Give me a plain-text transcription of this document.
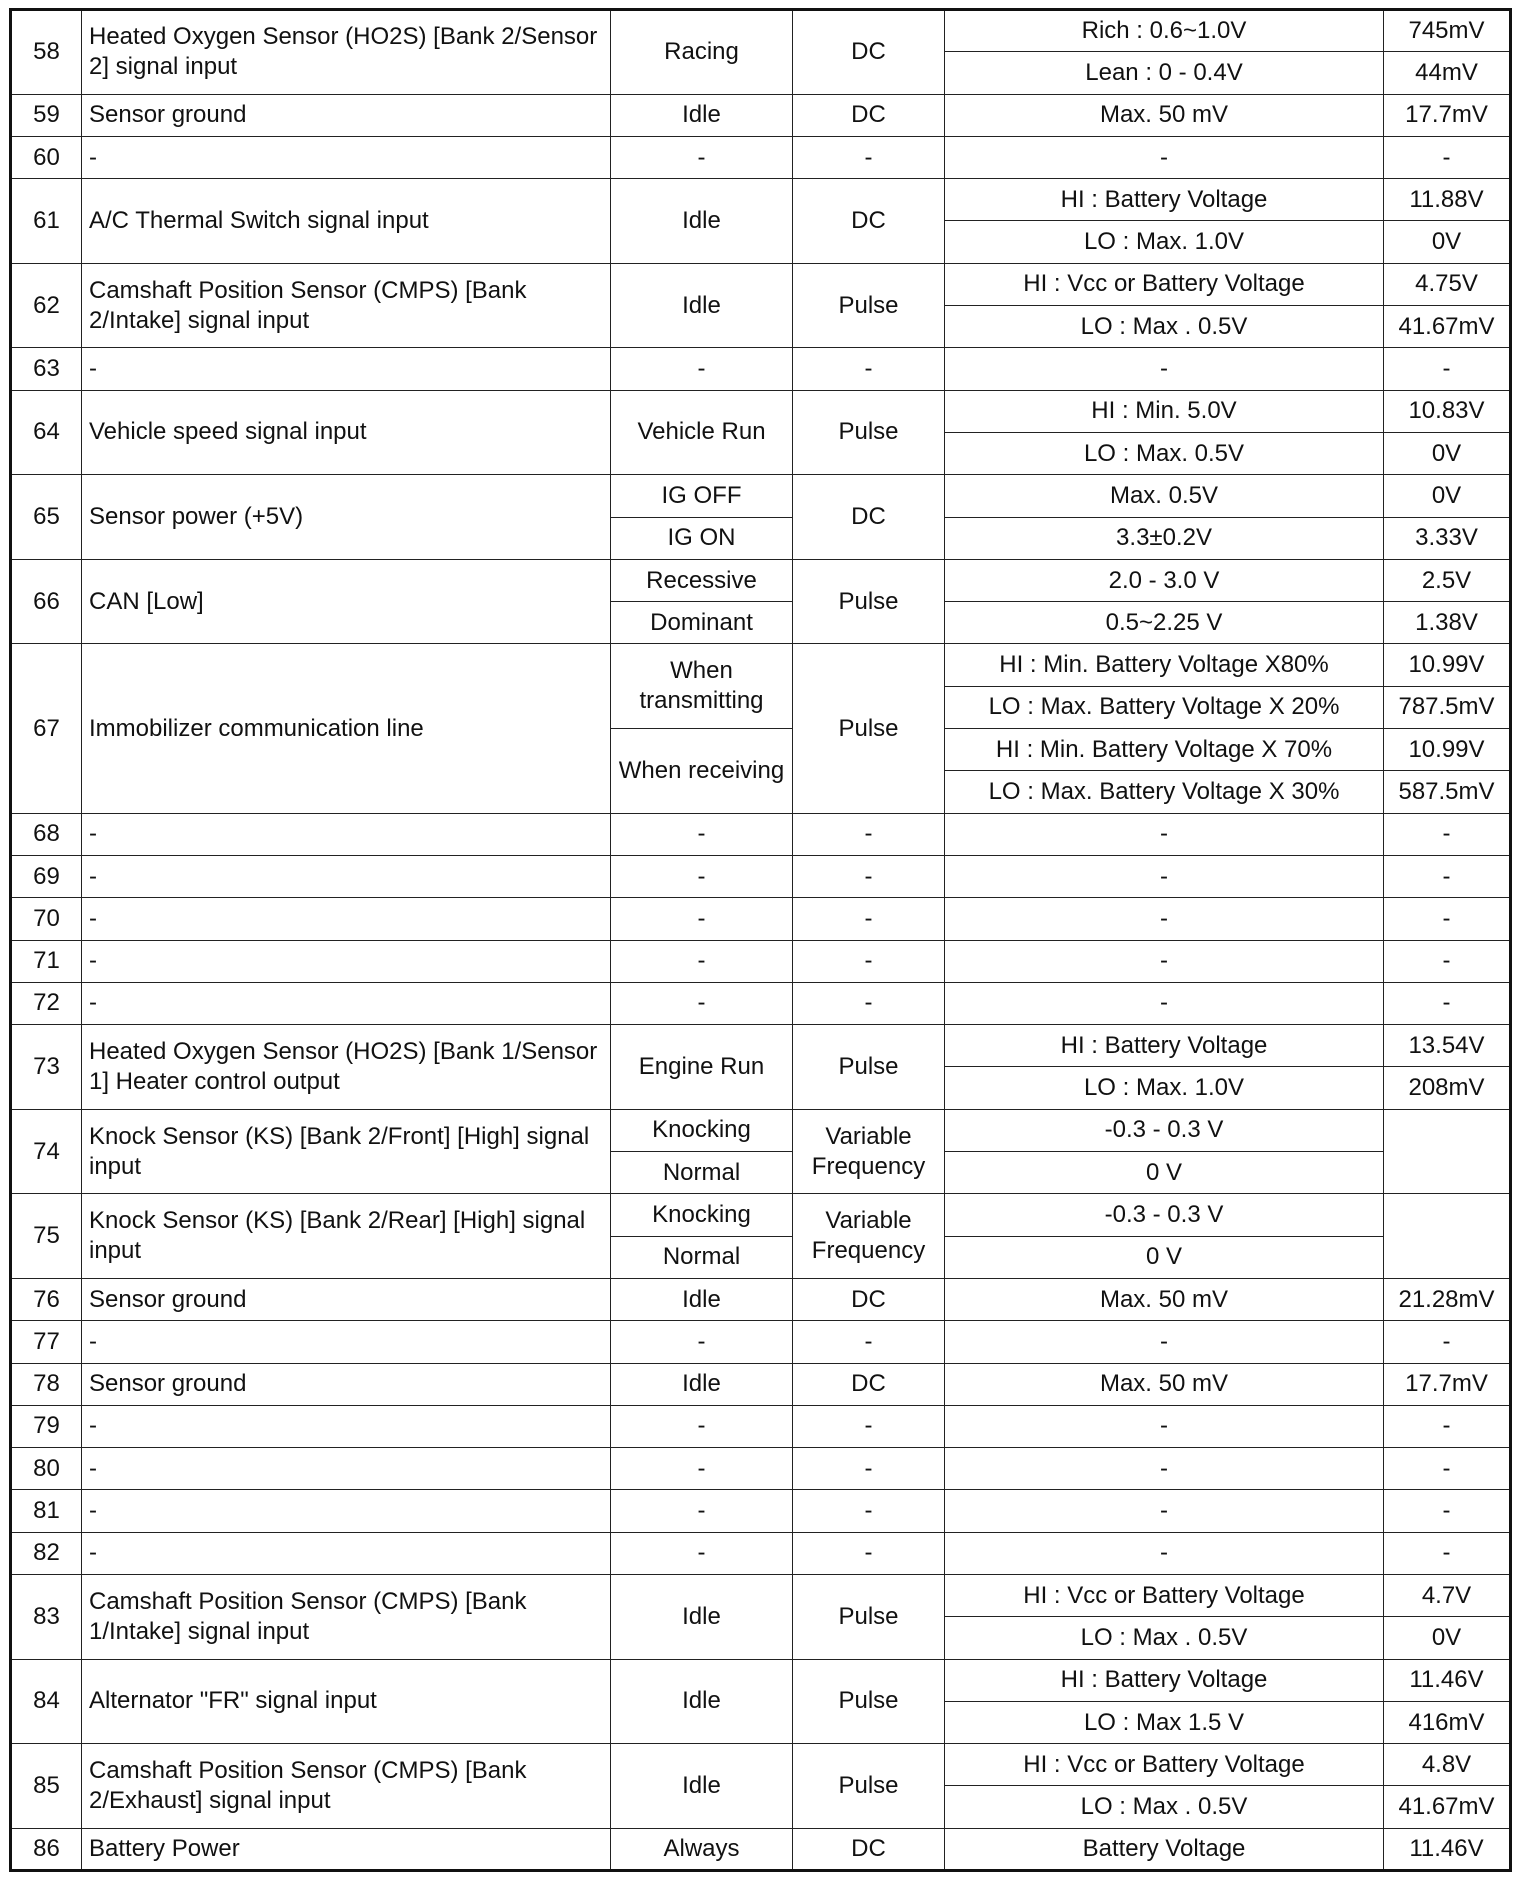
58	Heated Oxygen Sensor (HO2S) [Bank 2/Sensor 2] signal input	Racing	DC	Rich : 0.6~1.0V	745mV
				Lean : 0 - 0.4V	44mV
59	Sensor ground	Idle	DC	Max. 50 mV	17.7mV
60	-	-	-	-	-
61	A/C Thermal Switch signal input	Idle	DC	HI : Battery Voltage	11.88V
				LO : Max. 1.0V	0V
62	Camshaft Position Sensor (CMPS) [Bank 2/Intake] signal input	Idle	Pulse	HI : Vcc or Battery Voltage	4.75V
				LO : Max . 0.5V	41.67mV
63	-	-	-	-	-
64	Vehicle speed signal input	Vehicle Run	Pulse	HI : Min. 5.0V	10.83V
				LO : Max. 0.5V	0V
65	Sensor power (+5V)	IG OFF	DC	Max. 0.5V	0V
		IG ON		3.3±0.2V	3.33V
66	CAN [Low]	Recessive	Pulse	2.0 - 3.0 V	2.5V
		Dominant		0.5~2.25 V	1.38V
67	Immobilizer communication line	When transmitting	Pulse	HI : Min. Battery Voltage X80%	10.99V
				LO : Max. Battery Voltage X 20%	787.5mV
		When receiving		HI : Min. Battery Voltage X 70%	10.99V
				LO : Max. Battery Voltage X 30%	587.5mV
68	-	-	-	-	-
69	-	-	-	-	-
70	-	-	-	-	-
71	-	-	-	-	-
72	-	-	-	-	-
73	Heated Oxygen Sensor (HO2S) [Bank 1/Sensor 1] Heater control output	Engine Run	Pulse	HI : Battery Voltage	13.54V
				LO : Max. 1.0V	208mV
74	Knock Sensor (KS) [Bank 2/Front] [High] signal input	Knocking	Variable Frequency	-0.3 - 0.3 V	
		Normal		0 V	
75	Knock Sensor (KS) [Bank 2/Rear] [High] signal input	Knocking	Variable Frequency	-0.3 - 0.3 V	
		Normal		0 V	
76	Sensor ground	Idle	DC	Max. 50 mV	21.28mV
77	-	-	-	-	-
78	Sensor ground	Idle	DC	Max. 50 mV	17.7mV
79	-	-	-	-	-
80	-	-	-	-	-
81	-	-	-	-	-
82	-	-	-	-	-
83	Camshaft Position Sensor (CMPS) [Bank 1/Intake] signal input	Idle	Pulse	HI : Vcc or Battery Voltage	4.7V
				LO : Max . 0.5V	0V
84	Alternator "FR" signal input	Idle	Pulse	HI : Battery Voltage	11.46V
				LO : Max 1.5 V	416mV
85	Camshaft Position Sensor (CMPS) [Bank 2/Exhaust] signal input	Idle	Pulse	HI : Vcc or Battery Voltage	4.8V
				LO : Max . 0.5V	41.67mV
86	Battery Power	Always	DC	Battery Voltage	11.46V
